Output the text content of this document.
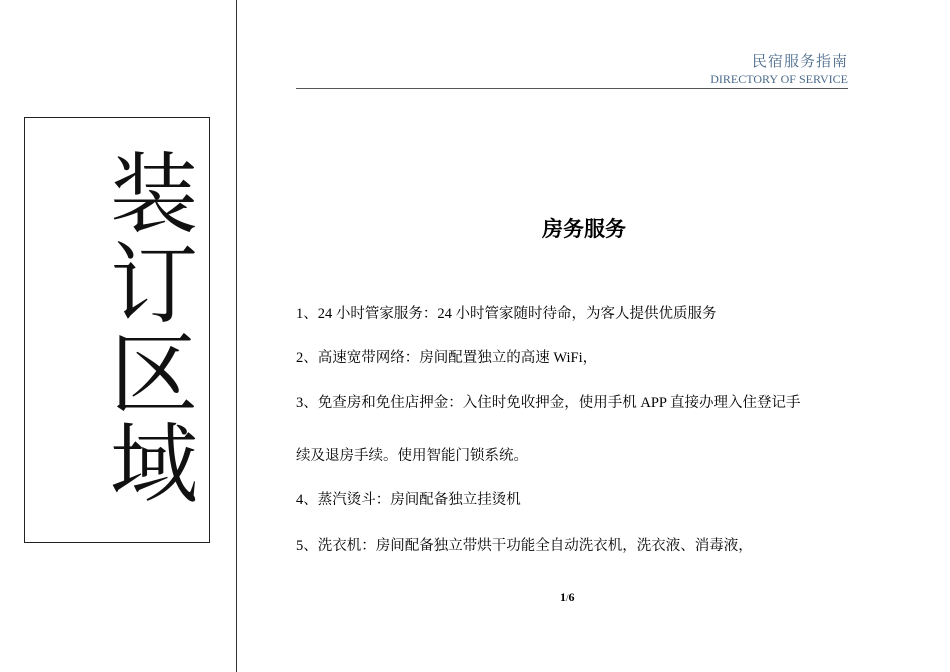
装
订
区
域
民宿服务指南
DIRECTORY OF SERVICE
房务服务
1、24 小时管家服务：24 小时管家随时待命，为客人提供优质服务
2、高速宽带网络：房间配置独立的高速 WiFi，
3、免查房和免住店押金：入住时免收押金，使用手机 APP 直接办理入住登记手
续及退房手续。使用智能门锁系统。
4、蒸汽烫斗：房间配备独立挂烫机
5、洗衣机：房间配备独立带烘干功能全自动洗衣机，洗衣液、消毒液，
1/6
